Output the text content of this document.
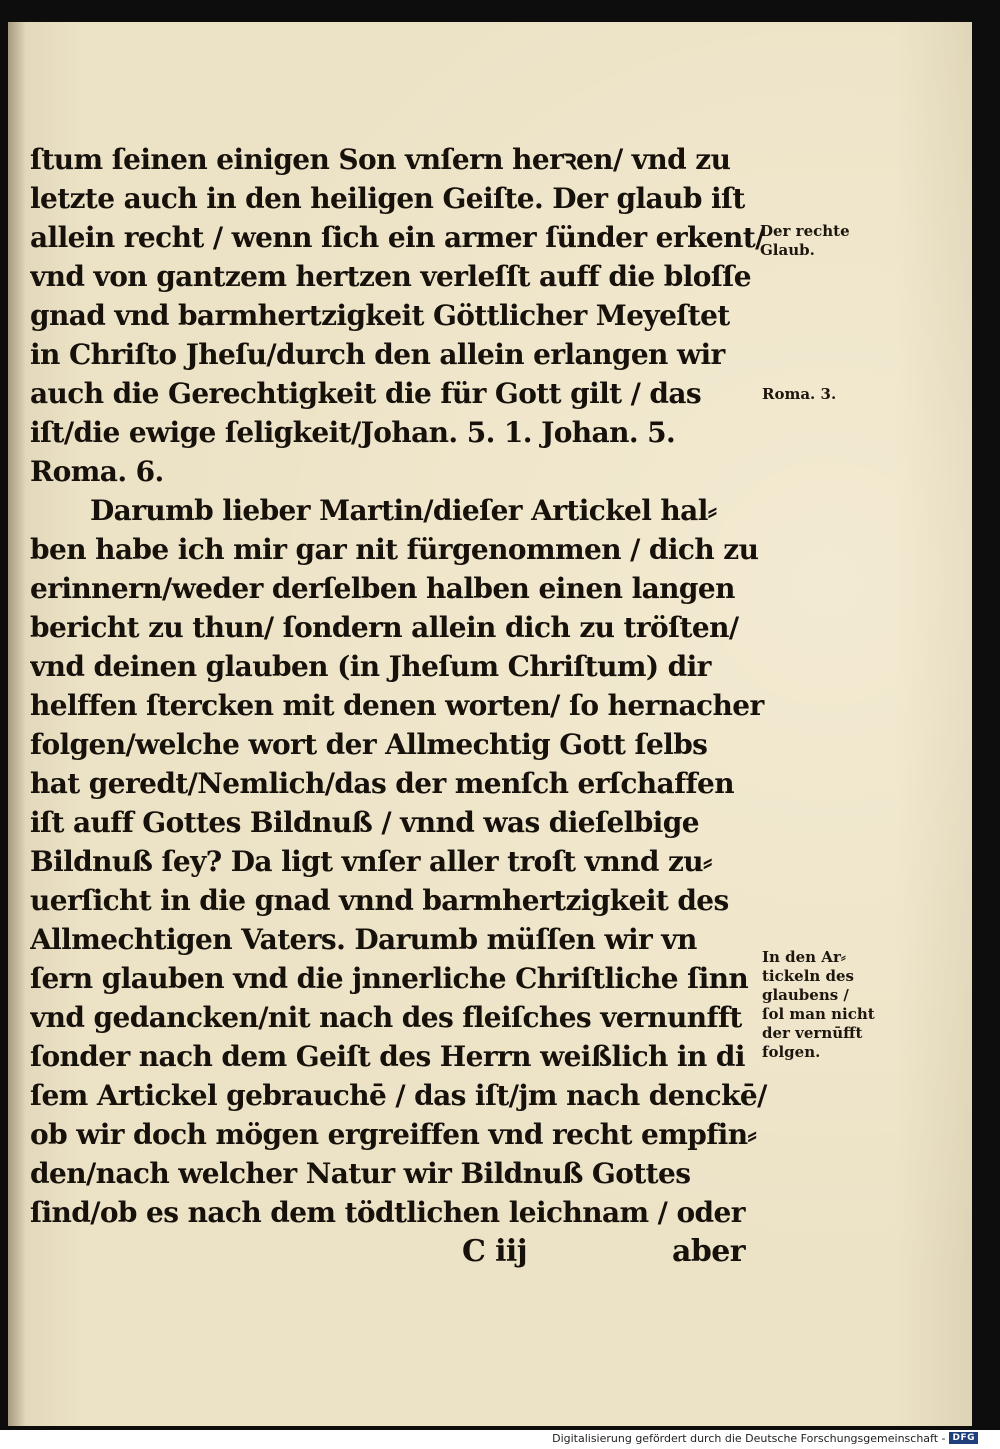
ſtum ſeinen einigen Son vnſern herꝛen/ vnd zu
letzte auch in den heiligen Geiſte. Der glaub iſt
allein recht / wenn ſich ein armer ſünder erkent/
vnd von gantzem hertzen verleſſt auff die bloſſe
gnad vnd barmhertzigkeit Göttlicher Meyeſtet
in Chriſto Jheſu/durch den allein erlangen wir
auch die Gerechtigkeit die für Gott gilt / das
iſt/die ewige ſeligkeit/Johan. 5. 1. Johan. 5.
Roma. 6.
Darumb lieber Martin/dieſer Artickel hal⸗
ben habe ich mir gar nit fürgenommen / dich zu
erinnern/weder derſelben halben einen langen
bericht zu thun/ ſondern allein dich zu tröſten/
vnd deinen glauben (in Jheſum Chriſtum) dir
helffen ſtercken mit denen worten/ ſo hernacher
folgen/welche wort der Allmechtig Gott ſelbs
hat geredt/Nemlich/das der menſch erſchaffen
iſt auff Gottes Bildnuß / vnnd was dieſelbige
Bildnuß ſey? Da ligt vnſer aller troſt vnnd zu⸗
uerſicht in die gnad vnnd barmhertzigkeit des
Allmechtigen Vaters. Darumb müſſen wir vn
ſern glauben vnd die jnnerliche Chriſtliche ſinn
vnd gedancken/nit nach des fleiſches vernunfft
ſonder nach dem Geiſt des Herrn weißlich in di
ſem Artickel gebrauchē / das iſt/jm nach denckē/
ob wir doch mögen ergreiffen vnd recht empfin⸗
den/nach welcher Natur wir Bildnuß Gottes
ſind/ob es nach dem tödtlichen leichnam / oder
C iij	aber
Der rechte
Glaub.
Roma. 3.
In den Ar⸗
tickeln des
glaubens /
ſol man nicht
der vernūfft
folgen.
Digitalisierung gefördert durch die Deutsche Forschungsgemeinschaft - DFG
